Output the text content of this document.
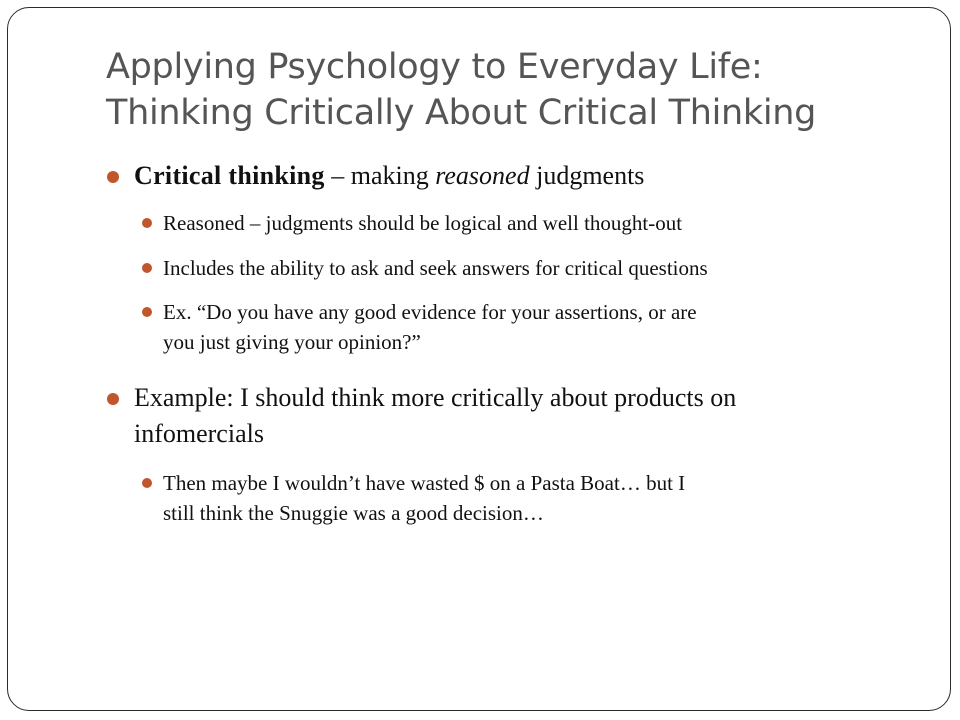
Applying Psychology to Everyday Life:
Thinking Critically About Critical Thinking
Critical thinking – making reasoned judgments
Reasoned – judgments should be logical and well thought-out
Includes the ability to ask and seek answers for critical questions
Ex. “Do you have any good evidence for your assertions, or are
you just giving your opinion?”
Example: I should think more critically about products on
infomercials
Then maybe I wouldn’t have wasted $ on a Pasta Boat… but I
still think the Snuggie was a good decision…
